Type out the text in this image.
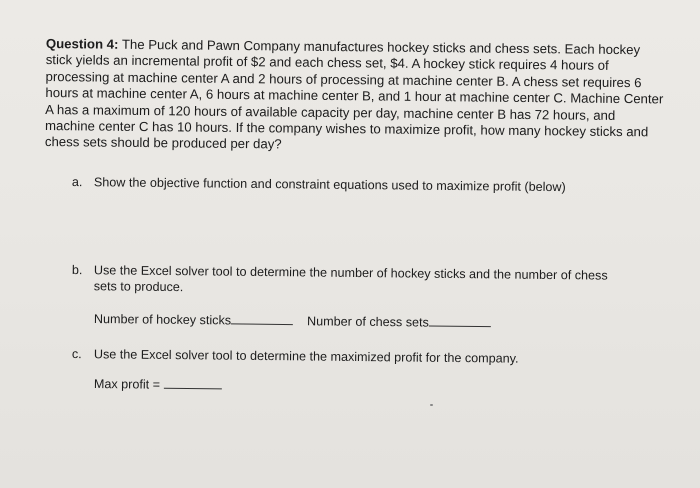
Question 4: The Puck and Pawn Company manufactures hockey sticks and chess sets. Each hockey stick yields an incremental profit of $2 and each chess set, $4. A hockey stick requires 4 hours of processing at machine center A and 2 hours of processing at machine center B. A chess set requires 6 hours at machine center A, 6 hours at machine center B, and 1 hour at machine center C. Machine Center A has a maximum of 120 hours of available capacity per day, machine center B has 72 hours, and machine center C has 10 hours. If the company wishes to maximize profit, how many hockey sticks and chess sets should be produced per day?
a. Show the objective function and constraint equations used to maximize profit (below)
b. Use the Excel solver tool to determine the number of hockey sticks and the number of chess
sets to produce.
Number of hockey sticks	Number of chess sets
c. Use the Excel solver tool to determine the maximized profit for the company.
Max profit =
